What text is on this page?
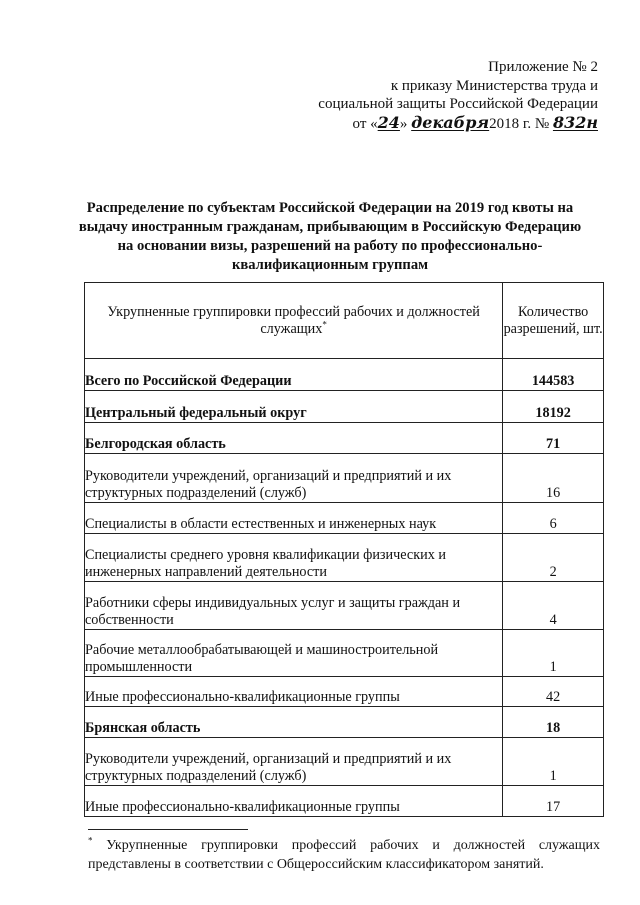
Приложение № 2
к приказу Министерства труда и
социальной защиты Российской Федерации
от «24» декабря2018 г. № 832н
Распределение по субъектам Российской Федерации на 2019 год квоты на выдачу иностранным гражданам, прибывающим в Российскую Федерацию на основании визы, разрешений на работу по профессионально-квалификационным группам
Укрупненные группировки профессий рабочих и должностей служащих*	Количество разрешений, шт.
Всего по Российской Федерации	144583
Центральный федеральный округ	18192
Белгородская область	71
Руководители учреждений, организаций и предприятий и их структурных подразделений (служб)	16
Специалисты в области естественных и инженерных наук	6
Специалисты среднего уровня квалификации физических и инженерных направлений деятельности	2
Работники сферы индивидуальных услуг и защиты граждан и собственности	4
Рабочие металлообрабатывающей и машиностроительной промышленности	1
Иные профессионально-квалификационные группы	42
Брянская область	18
Руководители учреждений, организаций и предприятий и их структурных подразделений (служб)	1
Иные профессионально-квалификационные группы	17
* Укрупненные группировки профессий рабочих и должностей служащих представлены в соответствии с Общероссийским классификатором занятий.
